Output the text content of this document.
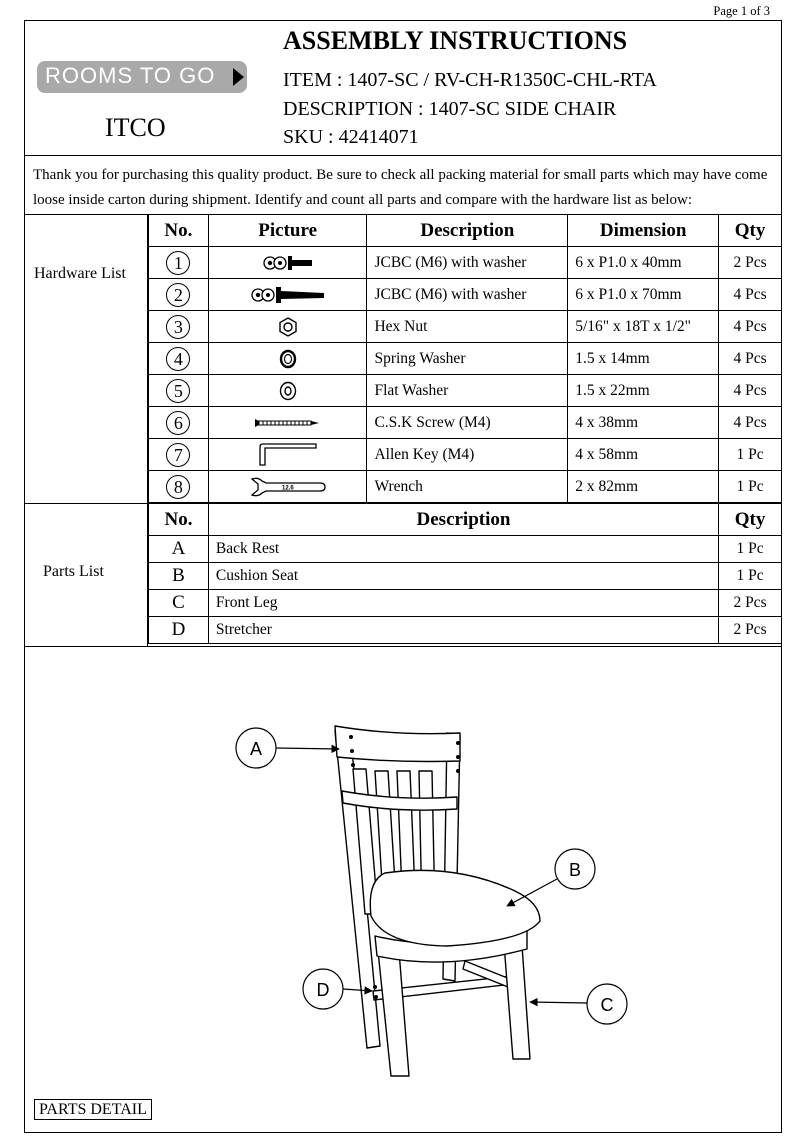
Page 1 of 3
ROOMS TO GO
ITCO
ASSEMBLY INSTRUCTIONS
ITEM : 1407-SC / RV-CH-R1350C-CHL-RTA
DESCRIPTION : 1407-SC SIDE CHAIR
SKU : 42414071
Thank you for purchasing this quality product. Be sure to check all packing material for small parts which may have come loose inside carton during shipment. Identify and count all parts and compare with the hardware list as below:
Hardware List
No.	Picture	Description	Dimension	Qty
1		JCBC (M6) with washer	6 x P1.0 x 40mm	2 Pcs
2		JCBC (M6) with washer	6 x P1.0 x 70mm	4 Pcs
3		Hex Nut	5/16" x 18T x 1/2"	4 Pcs
4		Spring Washer	1.5 x 14mm	4 Pcs
5		Flat Washer	1.5 x 22mm	4 Pcs
6		C.S.K Screw (M4)	4 x 38mm	4 Pcs
7		Allen Key (M4)	4 x 58mm	1 Pc
8	12.6	Wrench	2 x 82mm	1 Pc
Parts List
No.	Description	Qty
A	Back Rest	1 Pc
B	Cushion Seat	1 Pc
C	Front Leg	2 Pcs
D	Stretcher	2 Pcs
A
B
C
D
PARTS DETAIL
